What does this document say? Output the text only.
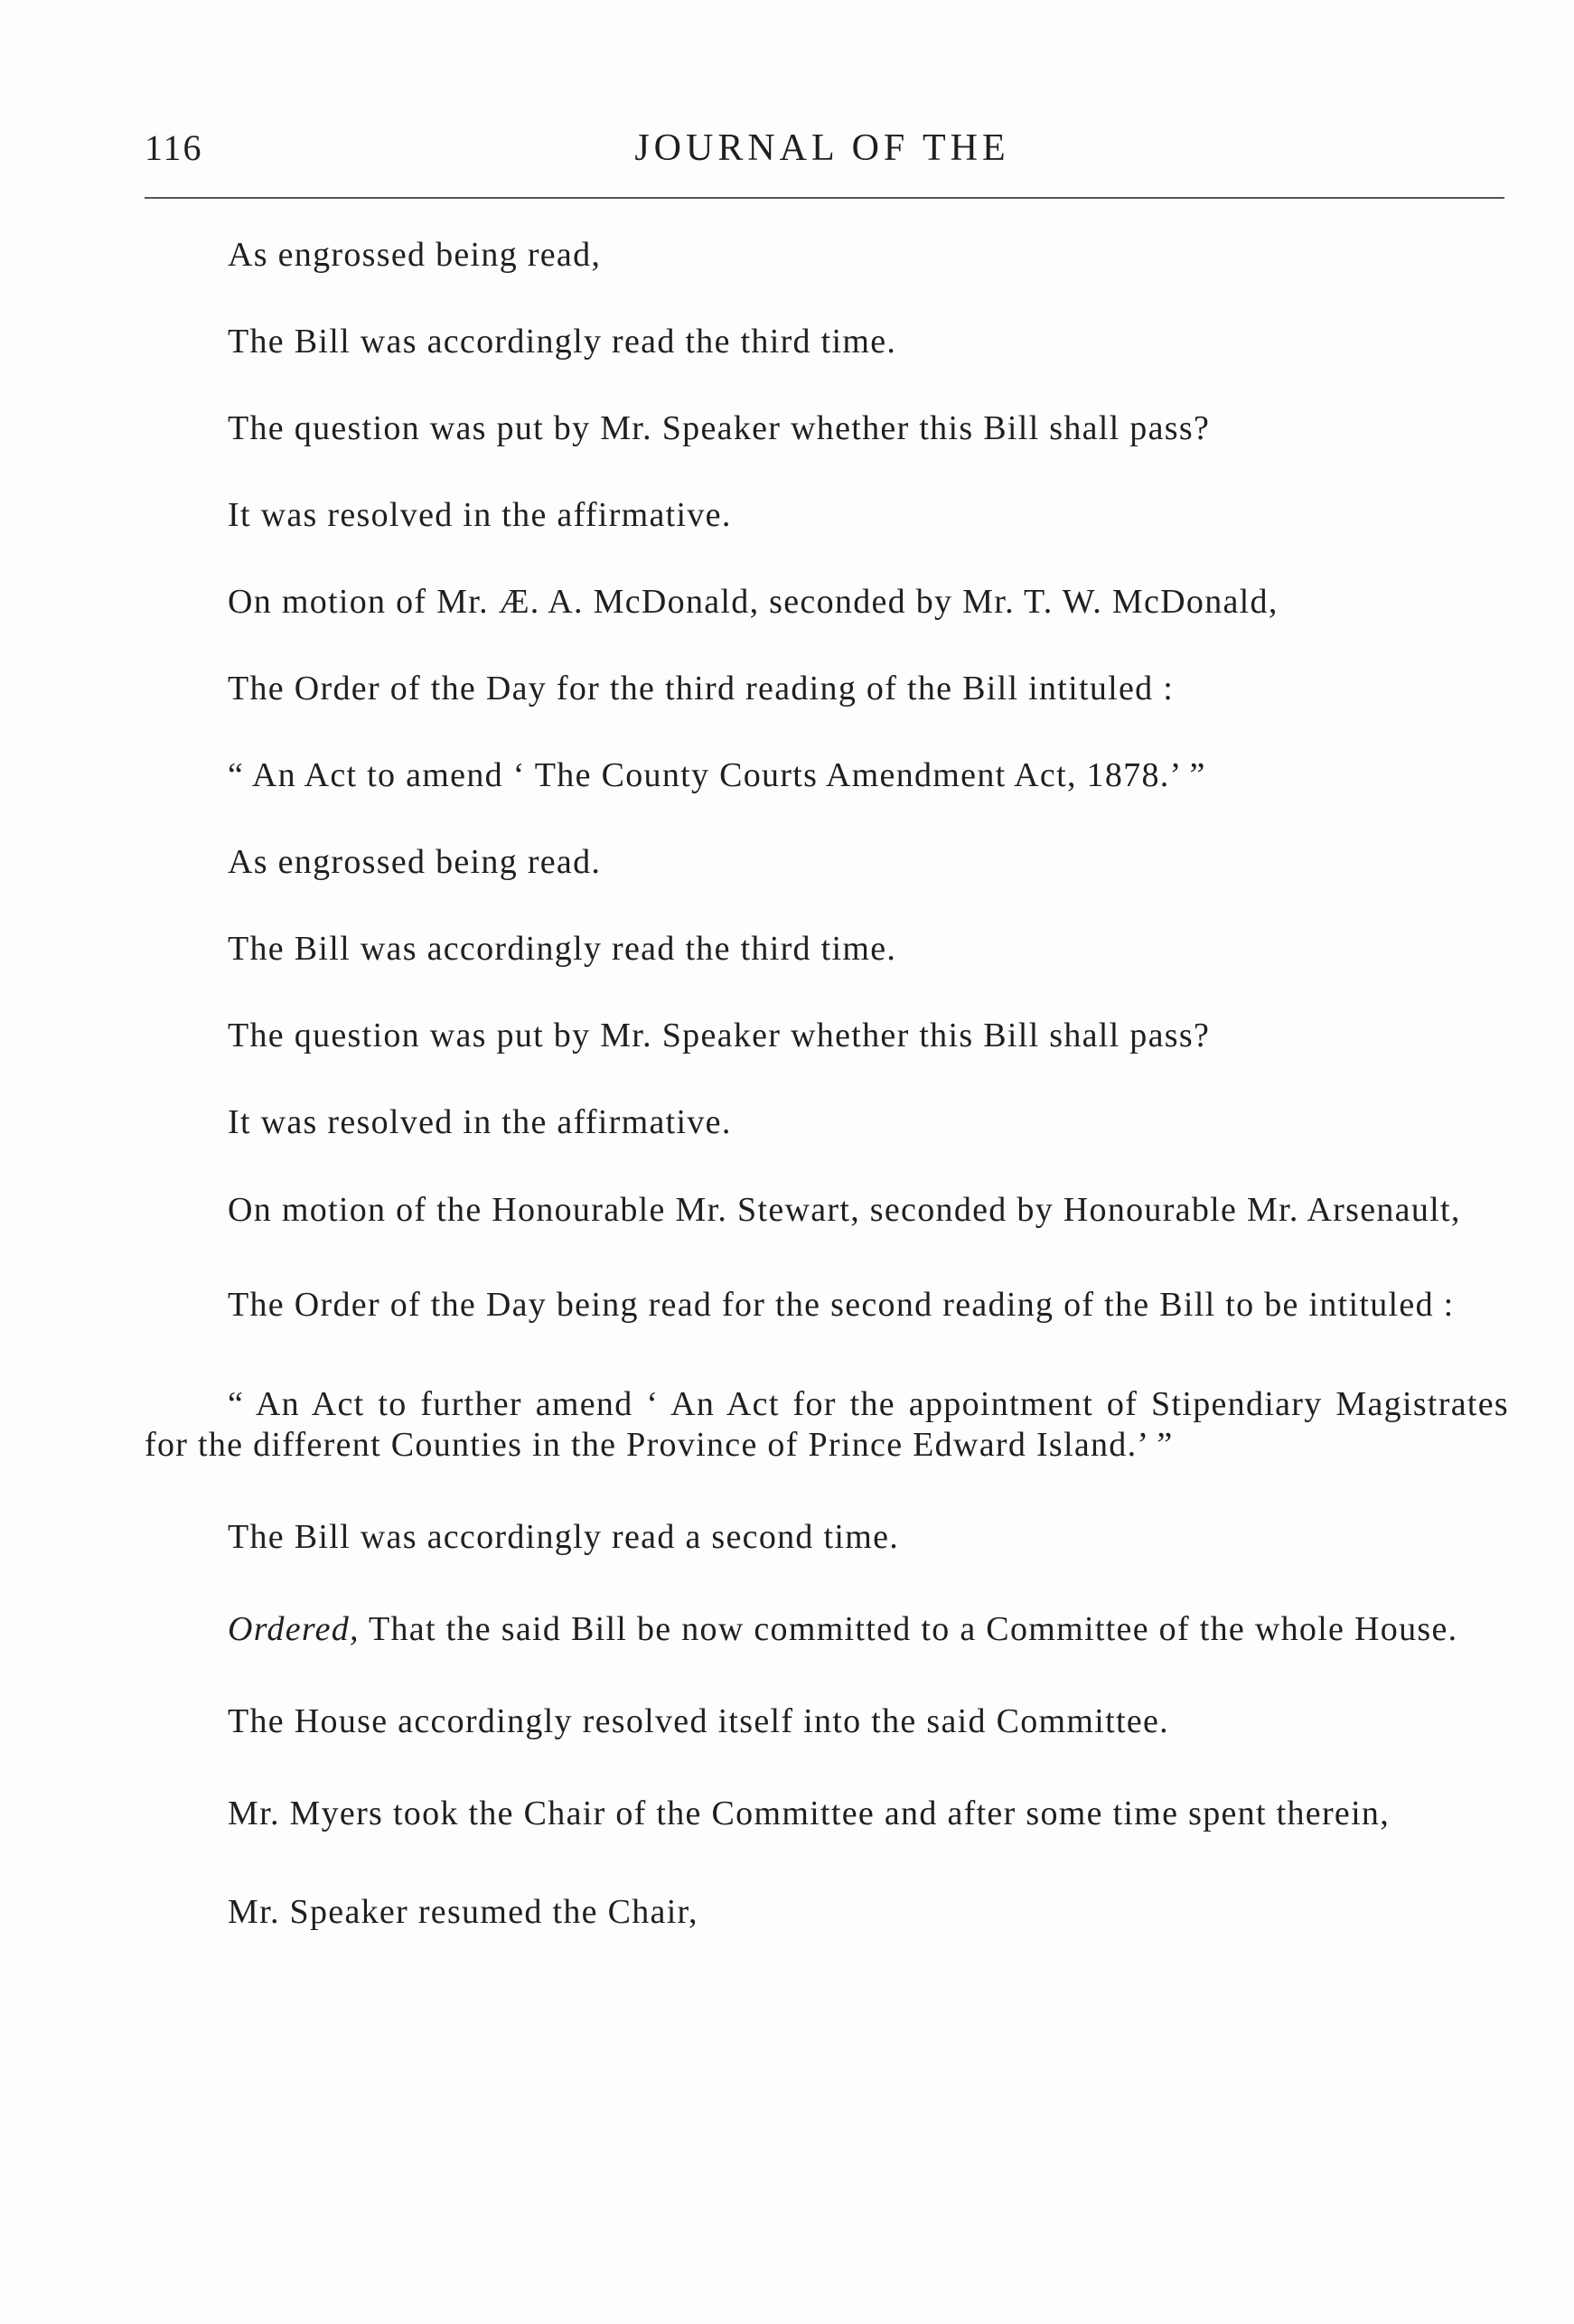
116	JOURNAL OF THE

As engrossed being read,

The Bill was accordingly read the third time.

The question was put by Mr. Speaker whether this Bill shall pass?

It was resolved in the affirmative.

On motion of Mr. Æ. A. McDonald, seconded by Mr. T. W. McDonald,

The Order of the Day for the third reading of the Bill intituled :

“ An Act to amend ‘ The County Courts Amendment Act, 1878.’ ”

As engrossed being read.

The Bill was accordingly read the third time.

The question was put by Mr. Speaker whether this Bill shall pass?

It was resolved in the affirmative.

On motion of the Honourable Mr. Stewart, seconded by Honourable Mr. Arsenault,

The Order of the Day being read for the second reading of the Bill to be intituled :

“ An Act to further amend ‘ An Act for the appointment of Stipendiary Magistrates for the different Counties in the Province of Prince Edward Island.’ ”

The Bill was accordingly read a second time.

Ordered, That the said Bill be now committed to a Committee of the whole House.

The House accordingly resolved itself into the said Committee.

Mr. Myers took the Chair of the Committee and after some time spent therein,

Mr. Speaker resumed the Chair,
